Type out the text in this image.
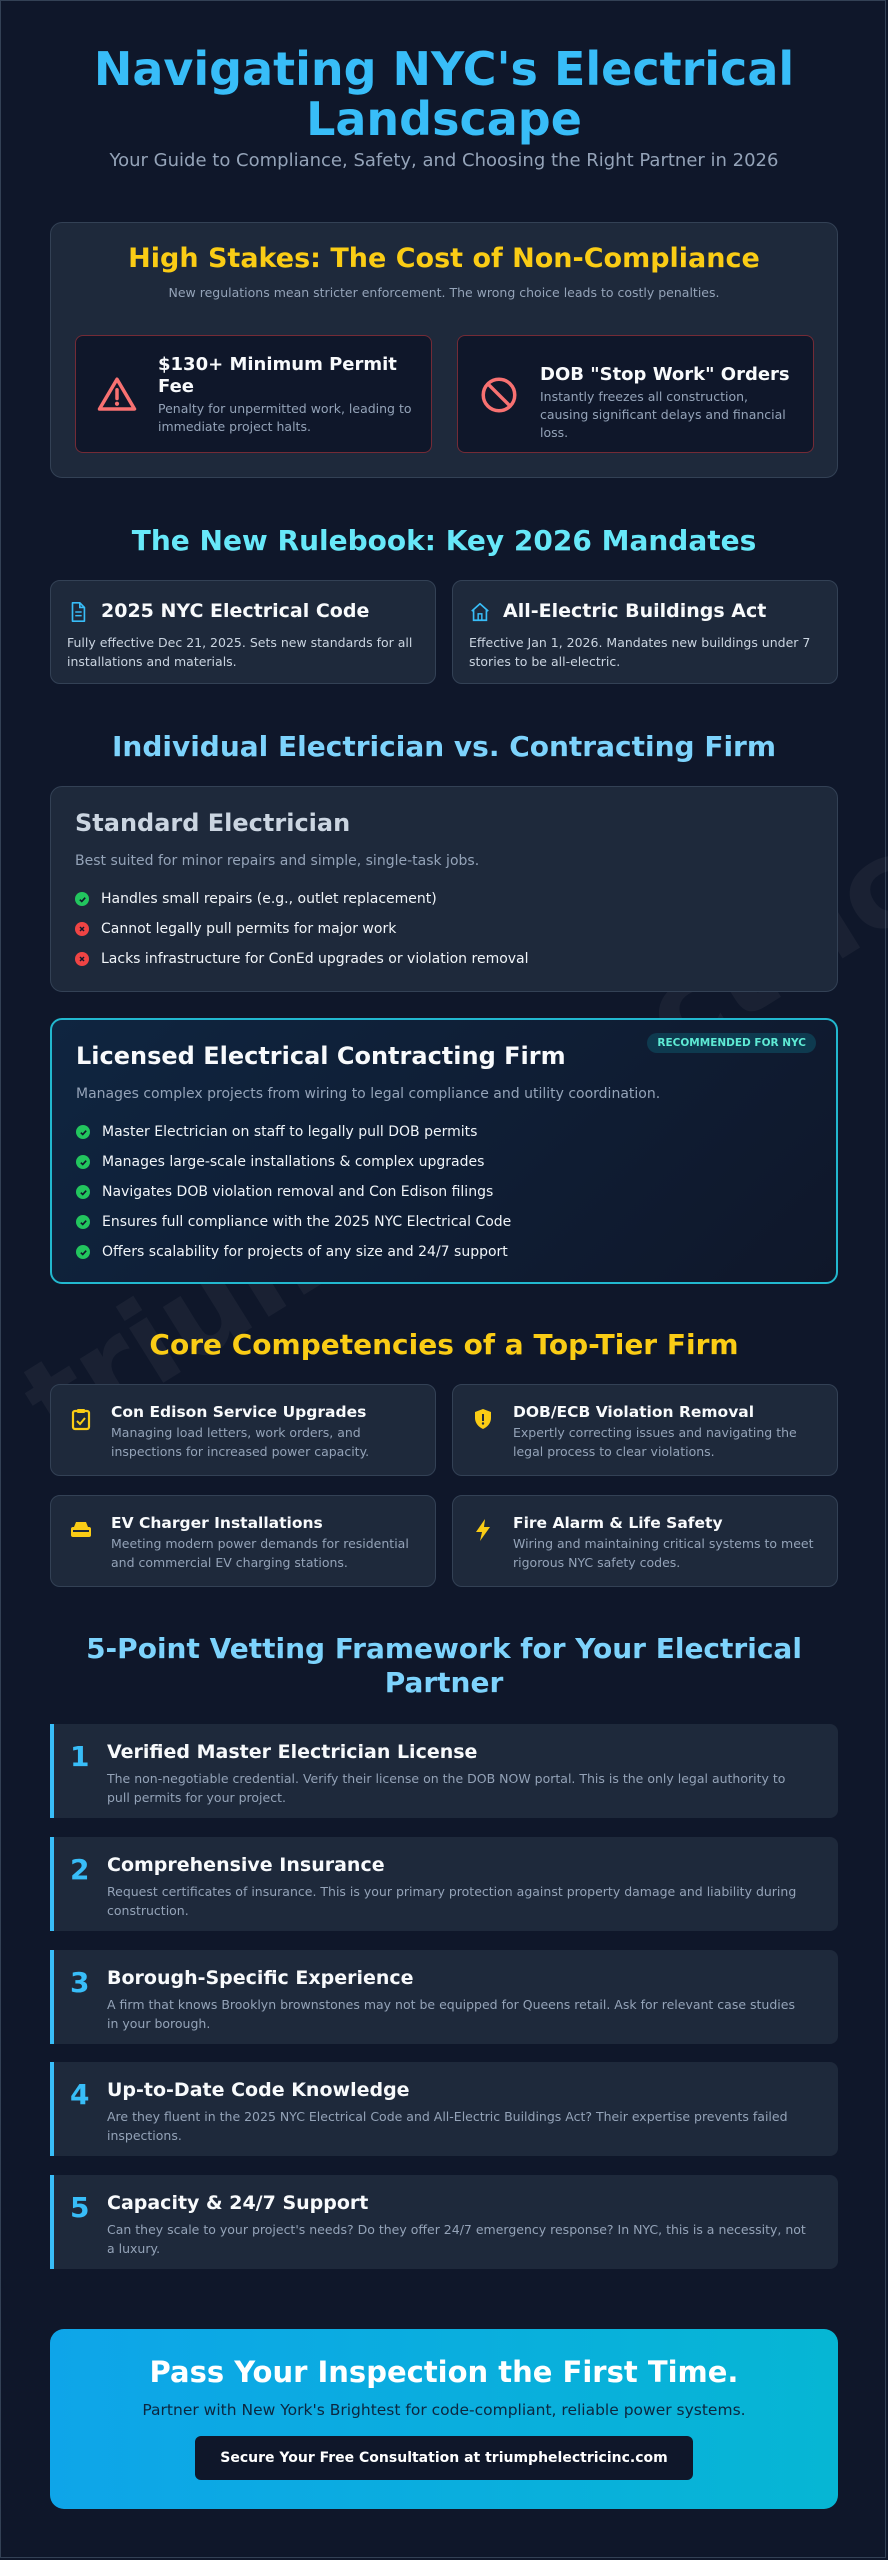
Navigating NYC's Electrical Landscape

Your Guide to Compliance, Safety, and Choosing the Right Partner in 2026

High Stakes: The Cost of Non-Compliance
New regulations mean stricter enforcement. The wrong choice leads to costly penalties.
$130+ Minimum Permit Fee
Penalty for unpermitted work, leading to immediate project halts.
DOB "Stop Work" Orders
Instantly freezes all construction, causing significant delays and financial loss.
The New Rulebook: Key 2026 Mandates
2025 NYC Electrical Code
Fully effective Dec 21, 2025. Sets new standards for all installations and materials.
All-Electric Buildings Act
Effective Jan 1, 2026. Mandates new buildings under 7 stories to be all-electric.
Individual Electrician vs. Contracting Firm
Standard Electrician
Best suited for minor repairs and simple, single-task jobs.
Handles small repairs (e.g., outlet replacement)
Cannot legally pull permits for major work
Lacks infrastructure for ConEd upgrades or violation removal
RECOMMENDED FOR NYC
Licensed Electrical Contracting Firm
Manages complex projects from wiring to legal compliance and utility coordination.
Master Electrician on staff to legally pull DOB permits
Manages large-scale installations & complex upgrades
Navigates DOB violation removal and Con Edison filings
Ensures full compliance with the 2025 NYC Electrical Code
Offers scalability for projects of any size and 24/7 support
Core Competencies of a Top-Tier Firm
Con Edison Service Upgrades
Managing load letters, work orders, and inspections for increased power capacity.
DOB/ECB Violation Removal
Expertly correcting issues and navigating the legal process to clear violations.
EV Charger Installations
Meeting modern power demands for residential and commercial EV charging stations.
Fire Alarm & Life Safety
Wiring and maintaining critical systems to meet rigorous NYC safety codes.
5-Point Vetting Framework for Your Electrical Partner
1 Verified Master Electrician License
The non-negotiable credential. Verify their license on the DOB NOW portal. This is the only legal authority to pull permits for your project.
2 Comprehensive Insurance
Request certificates of insurance. This is your primary protection against property damage and liability during construction.
3 Borough-Specific Experience
A firm that knows Brooklyn brownstones may not be equipped for Queens retail. Ask for relevant case studies in your borough.
4 Up-to-Date Code Knowledge
Are they fluent in the 2025 NYC Electrical Code and All-Electric Buildings Act? Their expertise prevents failed inspections.
5 Capacity & 24/7 Support
Can they scale to your project's needs? Do they offer 24/7 emergency response? In NYC, this is a necessity, not a luxury.
Pass Your Inspection the First Time.
Partner with New York's Brightest for code-compliant, reliable power systems.
Secure Your Free Consultation at triumphelectricinc.com
